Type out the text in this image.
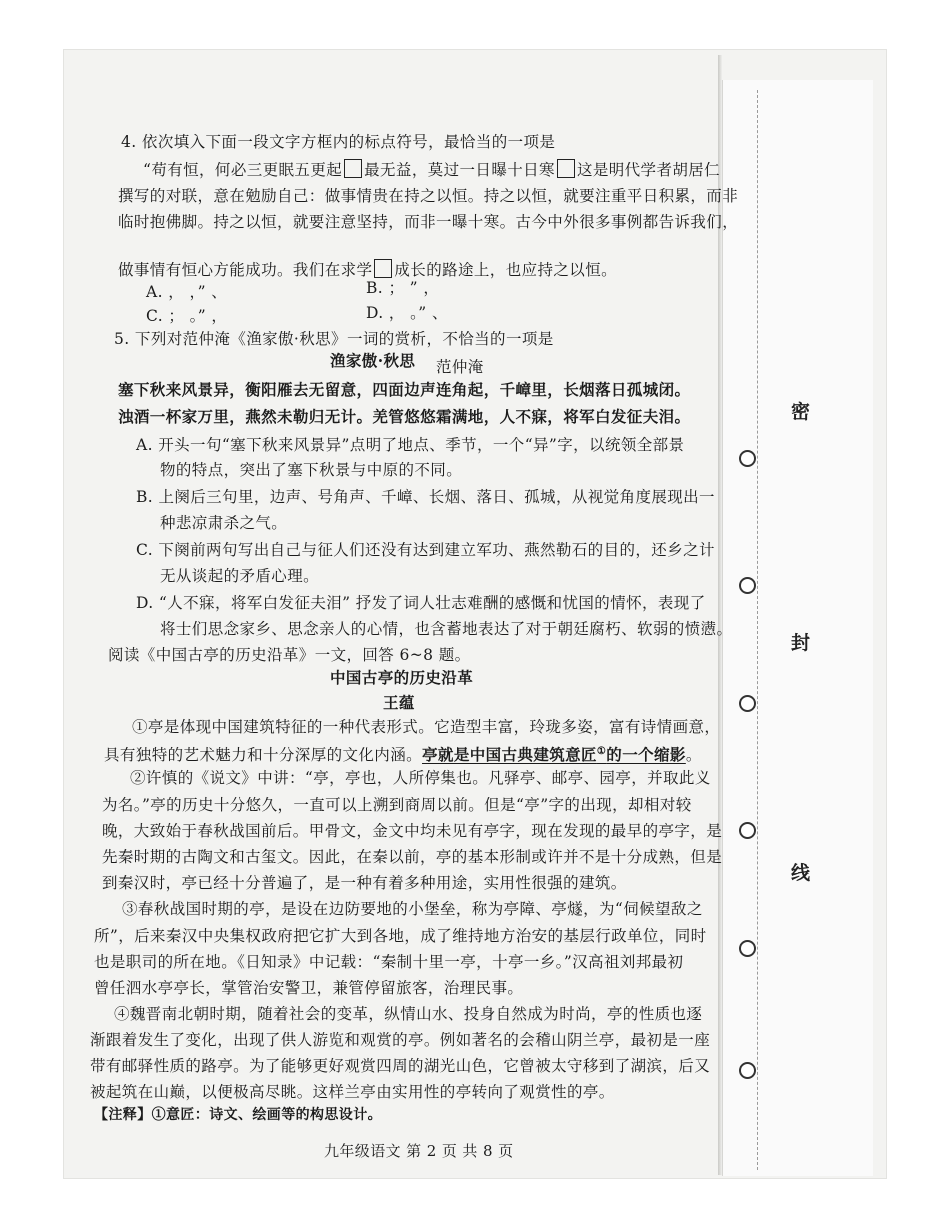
密
封
线
4. 依次填入下面一段文字方框内的标点符号，最恰当的一项是
“苟有恒，何必三更眠五更起 最无益，莫过一日曝十日寒 这是明代学者胡居仁
撰写的对联，意在勉励自己：做事情贵在持之以恒。持之以恒，就要注重平日积累，而非
临时抱佛脚。持之以恒，就要注意坚持，而非一曝十寒。古今中外很多事例都告诉我们，
做事情有恒心方能成功。我们在求学 成长的路途上，也应持之以恒。
A. ， ，” 、	B. ； ” ，
C. ； 。” ，	D. ， 。” 、
5. 下列对范仲淹《渔家傲·秋思》一词的赏析，不恰当的一项是
渔家傲·秋思 范仲淹
塞下秋来风景异，衡阳雁去无留意，四面边声连角起，千嶂里，长烟落日孤城闭。
浊酒一杯家万里，燕然未勒归无计。羌管悠悠霜满地，人不寐，将军白发征夫泪。
A. 开头一句“塞下秋来风景异”点明了地点、季节，一个“异”字，以统领全部景
物的特点，突出了塞下秋景与中原的不同。
B. 上阕后三句里，边声、号角声、千嶂、长烟、落日、孤城，从视觉角度展现出一
种悲凉肃杀之气。
C. 下阕前两句写出自己与征人们还没有达到建立军功、燕然勒石的目的，还乡之计
无从谈起的矛盾心理。
D. “人不寐，将军白发征夫泪” 抒发了词人壮志难酬的感慨和忧国的情怀，表现了
将士们思念家乡、思念亲人的心情，也含蓄地表达了对于朝廷腐朽、软弱的愤懑。
阅读《中国古亭的历史沿革》一文，回答 6~8 题。
中国古亭的历史沿革
王蕴
①亭是体现中国建筑特征的一种代表形式。它造型丰富，玲珑多姿，富有诗情画意，
具有独特的艺术魅力和十分深厚的文化内涵。亭就是中国古典建筑意匠①的一个缩影。
②许慎的《说文》中讲：“亭，亭也，人所停集也。凡驿亭、邮亭、园亭，并取此义
为名。”亭的历史十分悠久，一直可以上溯到商周以前。但是“亭”字的出现，却相对较
晚，大致始于春秋战国前后。甲骨文，金文中均未见有亭字，现在发现的最早的亭字，是
先秦时期的古陶文和古玺文。因此，在秦以前，亭的基本形制或许并不是十分成熟，但是
到秦汉时，亭已经十分普遍了，是一种有着多种用途，实用性很强的建筑。
③春秋战国时期的亭，是设在边防要地的小堡垒，称为亭障、亭燧，为“伺候望敌之
所”，后来秦汉中央集权政府把它扩大到各地，成了维持地方治安的基层行政单位，同时
也是职司的所在地。《日知录》中记载：“秦制十里一亭，十亭一乡。”汉高祖刘邦最初
曾任泗水亭亭长，掌管治安警卫，兼管停留旅客，治理民事。
④魏晋南北朝时期，随着社会的变革，纵情山水、投身自然成为时尚，亭的性质也逐
渐跟着发生了变化，出现了供人游览和观赏的亭。例如著名的会稽山阴兰亭，最初是一座
带有邮驿性质的路亭。为了能够更好观赏四周的湖光山色，它曾被太守移到了湖滨，后又
被起筑在山巅，以便极高尽眺。这样兰亭由实用性的亭转向了观赏性的亭。
【注释】①意匠：诗文、绘画等的构思设计。
九年级语文 第 2 页 共 8 页
